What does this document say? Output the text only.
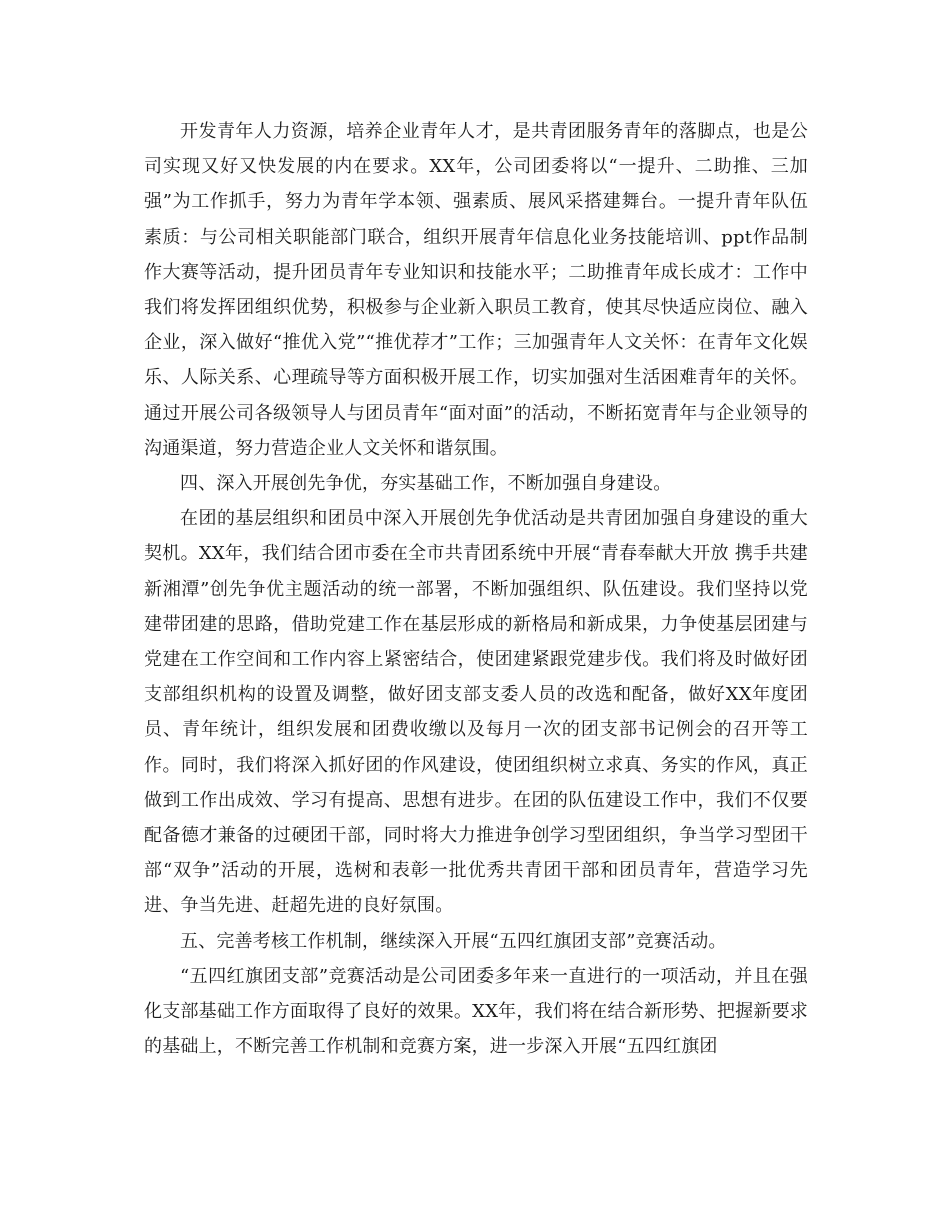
开发青年人力资源，培养企业青年人才，是共青团服务青年的落脚点，也是公司实现又好又快发展的内在要求。XX年，公司团委将以“一提升、二助推、三加强”为工作抓手，努力为青年学本领、强素质、展风采搭建舞台。一提升青年队伍素质：与公司相关职能部门联合，组织开展青年信息化业务技能培训、ppt作品制作大赛等活动，提升团员青年专业知识和技能水平；二助推青年成长成才：工作中我们将发挥团组织优势，积极参与企业新入职员工教育，使其尽快适应岗位、融入企业，深入做好“推优入党”“推优荐才”工作；三加强青年人文关怀：在青年文化娱乐、人际关系、心理疏导等方面积极开展工作，切实加强对生活困难青年的关怀。通过开展公司各级领导人与团员青年“面对面”的活动，不断拓宽青年与企业领导的沟通渠道，努力营造企业人文关怀和谐氛围。

四、深入开展创先争优，夯实基础工作，不断加强自身建设。

在团的基层组织和团员中深入开展创先争优活动是共青团加强自身建设的重大契机。XX年，我们结合团市委在全市共青团系统中开展“青春奉献大开放 携手共建新湘潭”创先争优主题活动的统一部署，不断加强组织、队伍建设。我们坚持以党建带团建的思路，借助党建工作在基层形成的新格局和新成果，力争使基层团建与党建在工作空间和工作内容上紧密结合，使团建紧跟党建步伐。我们将及时做好团支部组织机构的设置及调整，做好团支部支委人员的改选和配备，做好XX年度团员、青年统计，组织发展和团费收缴以及每月一次的团支部书记例会的召开等工作。同时，我们将深入抓好团的作风建设，使团组织树立求真、务实的作风，真正做到工作出成效、学习有提高、思想有进步。在团的队伍建设工作中，我们不仅要配备德才兼备的过硬团干部，同时将大力推进争创学习型团组织，争当学习型团干部“双争”活动的开展，选树和表彰一批优秀共青团干部和团员青年，营造学习先进、争当先进、赶超先进的良好氛围。

五、完善考核工作机制，继续深入开展“五四红旗团支部”竞赛活动。

“五四红旗团支部”竞赛活动是公司团委多年来一直进行的一项活动，并且在强化支部基础工作方面取得了良好的效果。XX年，我们将在结合新形势、把握新要求的基础上，不断完善工作机制和竞赛方案，进一步深入开展“五四红旗团
